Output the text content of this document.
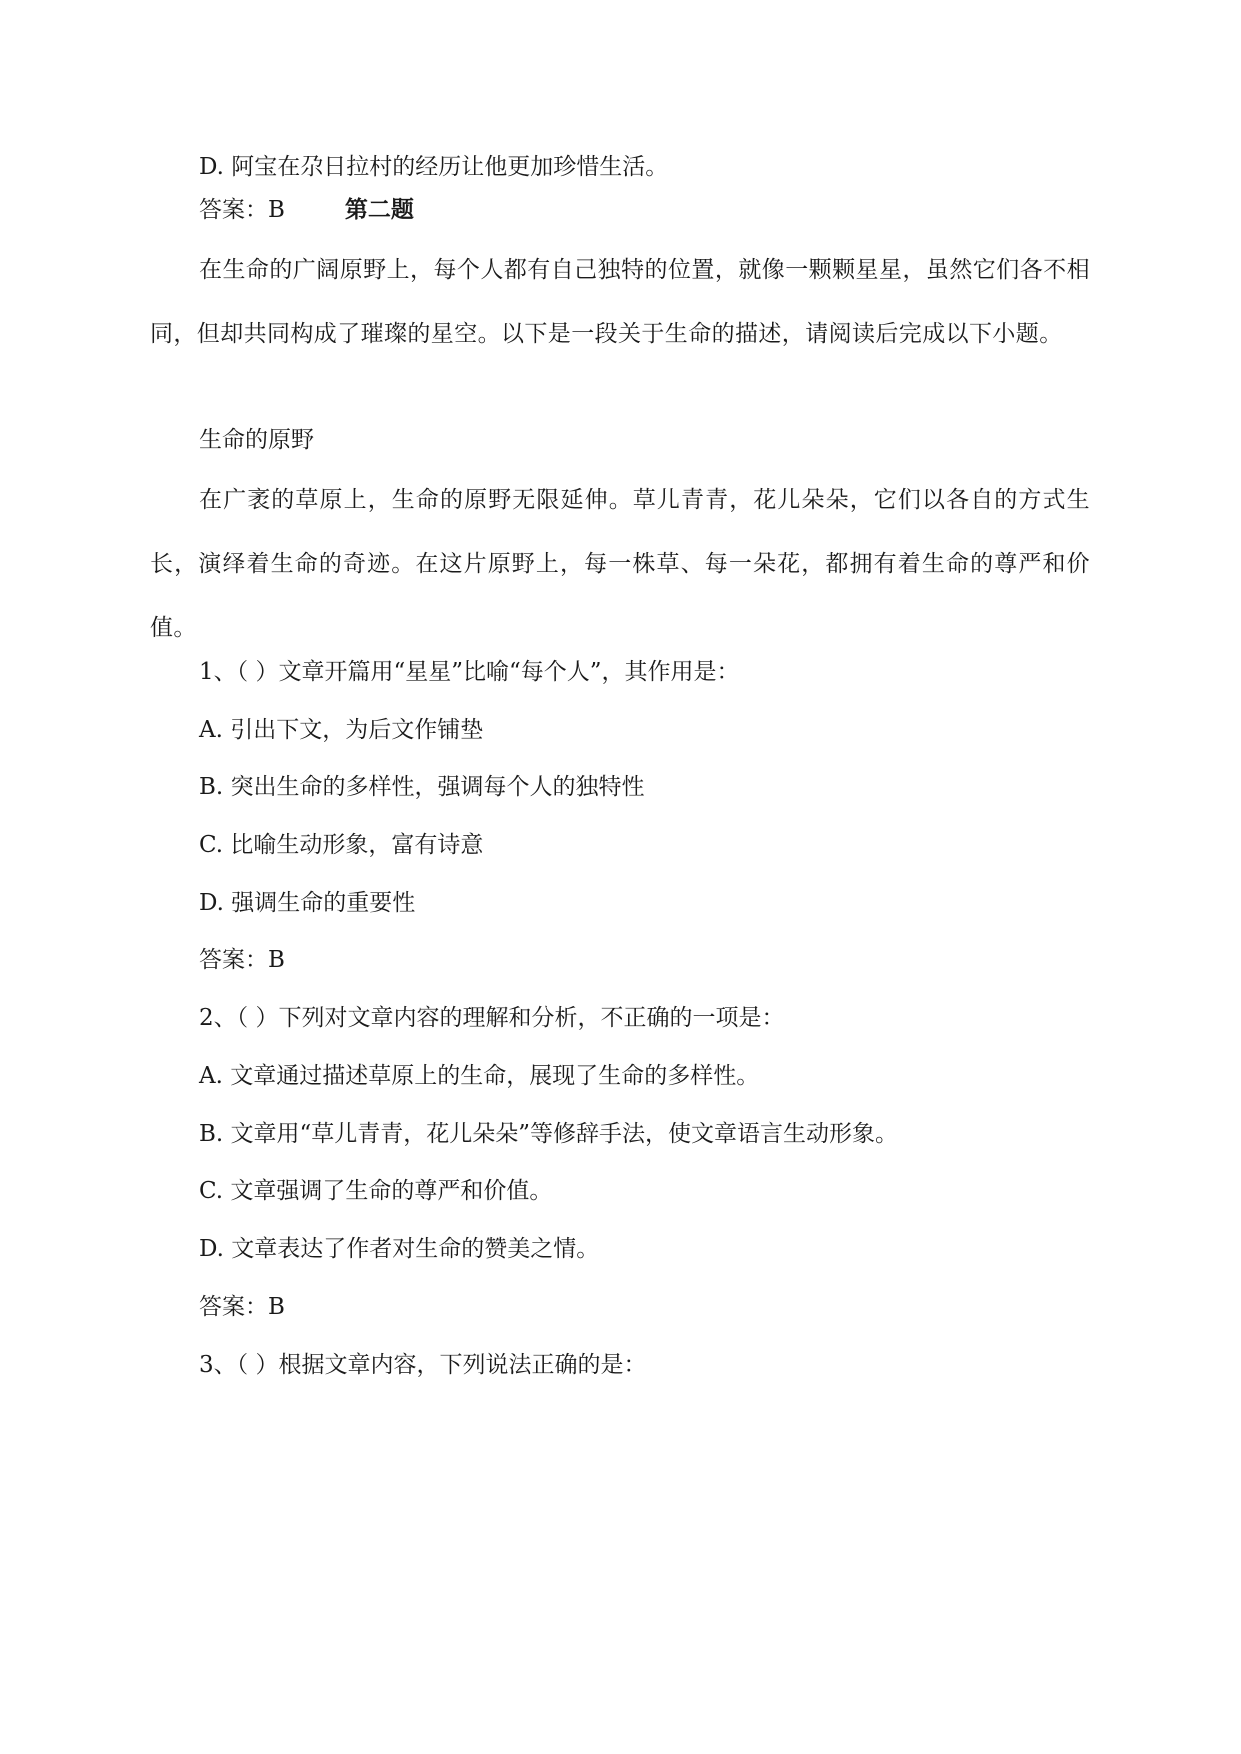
D. 阿宝在尕日拉村的经历让他更加珍惜生活。
答案：B	第二题
在生命的广阔原野上，每个人都有自己独特的位置，就像一颗颗星星，虽然它们各不相同，但却共同构成了璀璨的星空。以下是一段关于生命的描述，请阅读后完成以下小题。
生命的原野
在广袤的草原上，生命的原野无限延伸。草儿青青，花儿朵朵，它们以各自的方式生长，演绎着生命的奇迹。在这片原野上，每一株草、每一朵花，都拥有着生命的尊严和价值。
1、（ ）文章开篇用“星星”比喻“每个人”，其作用是：
A. 引出下文，为后文作铺垫
B. 突出生命的多样性，强调每个人的独特性
C. 比喻生动形象，富有诗意
D. 强调生命的重要性
答案：B
2、（ ）下列对文章内容的理解和分析，不正确的一项是：
A. 文章通过描述草原上的生命，展现了生命的多样性。
B. 文章用“草儿青青，花儿朵朵”等修辞手法，使文章语言生动形象。
C. 文章强调了生命的尊严和价值。
D. 文章表达了作者对生命的赞美之情。
答案：B
3、（ ）根据文章内容，下列说法正确的是：
